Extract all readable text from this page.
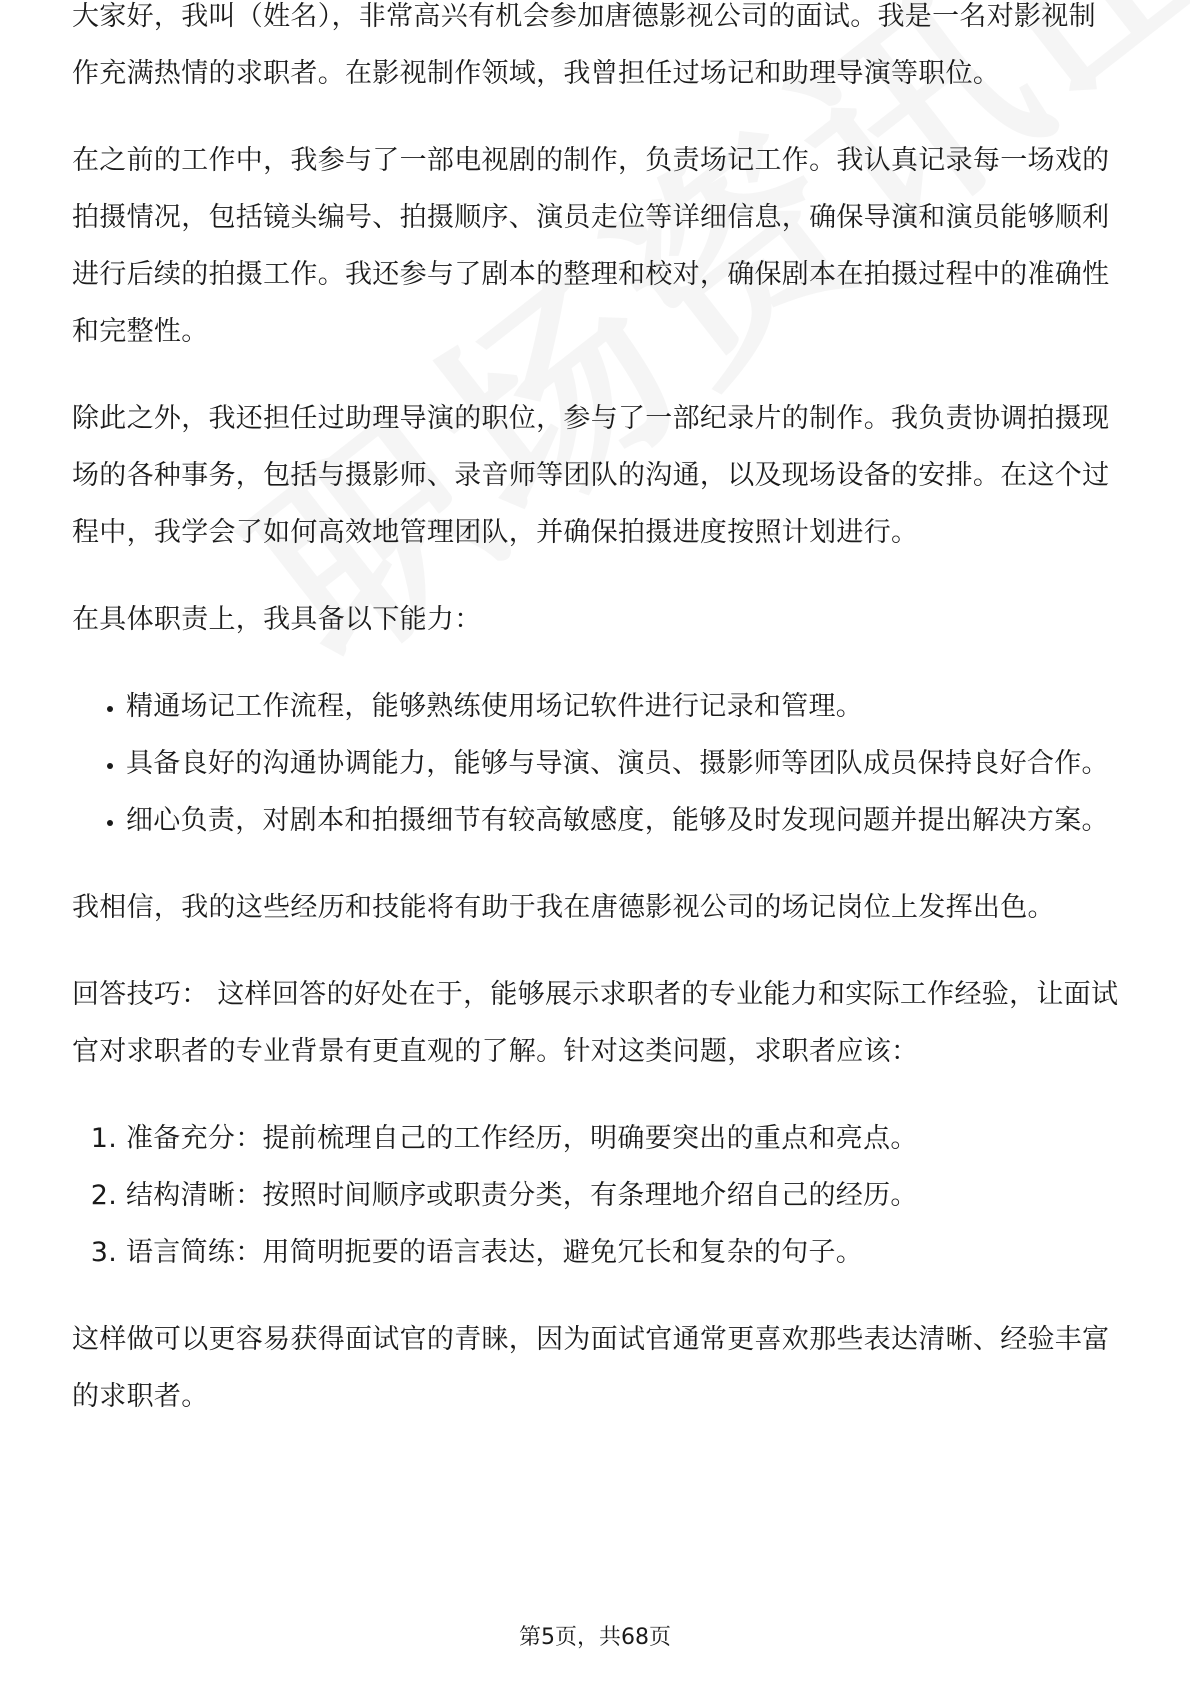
大家好，我叫（姓名），非常高兴有机会参加唐德影视公司的面试。我是一名对影视制作充满热情的求职者。在影视制作领域，我曾担任过场记和助理导演等职位。

在之前的工作中，我参与了一部电视剧的制作，负责场记工作。我认真记录每一场戏的拍摄情况，包括镜头编号、拍摄顺序、演员走位等详细信息，确保导演和演员能够顺利进行后续的拍摄工作。我还参与了剧本的整理和校对，确保剧本在拍摄过程中的准确性和完整性。

除此之外，我还担任过助理导演的职位，参与了一部纪录片的制作。我负责协调拍摄现场的各种事务，包括与摄影师、录音师等团队的沟通，以及现场设备的安排。在这个过程中，我学会了如何高效地管理团队，并确保拍摄进度按照计划进行。

在具体职责上，我具备以下能力：

• 精通场记工作流程，能够熟练使用场记软件进行记录和管理。
• 具备良好的沟通协调能力，能够与导演、演员、摄影师等团队成员保持良好合作。
• 细心负责，对剧本和拍摄细节有较高敏感度，能够及时发现问题并提出解决方案。

我相信，我的这些经历和技能将有助于我在唐德影视公司的场记岗位上发挥出色。

回答技巧： 这样回答的好处在于，能够展示求职者的专业能力和实际工作经验，让面试官对求职者的专业背景有更直观的了解。针对这类问题，求职者应该：

1. 准备充分：提前梳理自己的工作经历，明确要突出的重点和亮点。
2. 结构清晰：按照时间顺序或职责分类，有条理地介绍自己的经历。
3. 语言简练：用简明扼要的语言表达，避免冗长和复杂的句子。

这样做可以更容易获得面试官的青睐，因为面试官通常更喜欢那些表达清晰、经验丰富的求职者。

第5页，共68页
